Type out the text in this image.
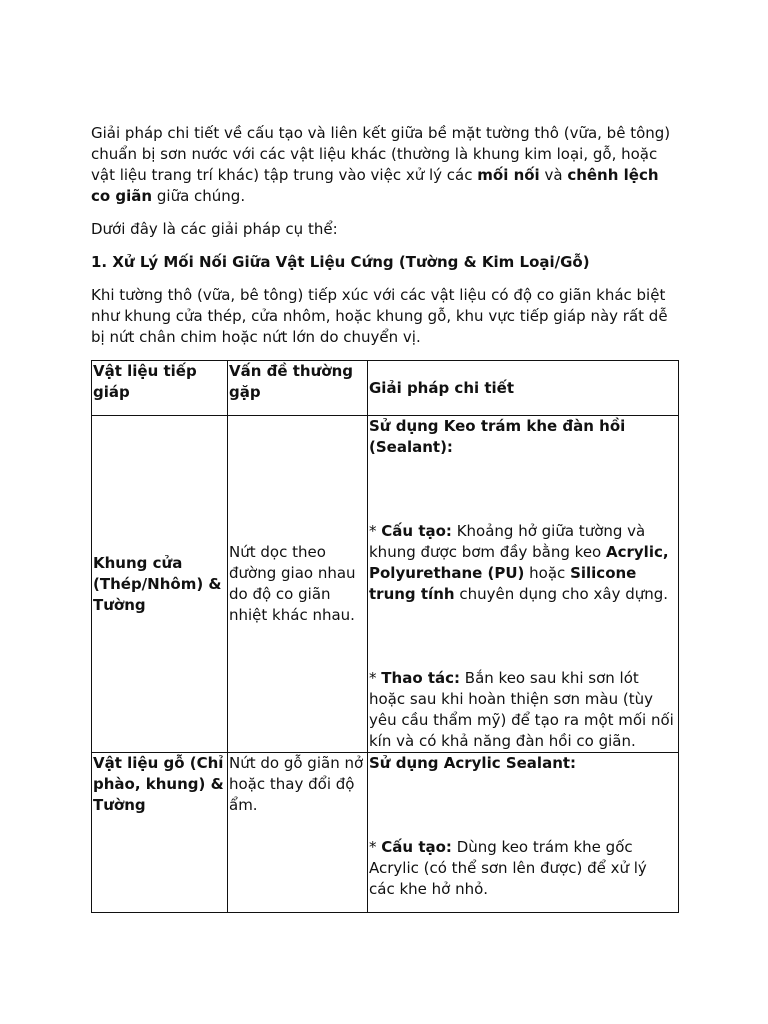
Giải pháp chi tiết về cấu tạo và liên kết giữa bề mặt tường thô (vữa, bê tông) chuẩn bị sơn nước với các vật liệu khác (thường là khung kim loại, gỗ, hoặc vật liệu trang trí khác) tập trung vào việc xử lý các mối nối và chênh lệch co giãn giữa chúng.

Dưới đây là các giải pháp cụ thể:

1. Xử Lý Mối Nối Giữa Vật Liệu Cứng (Tường & Kim Loại/Gỗ)

Khi tường thô (vữa, bê tông) tiếp xúc với các vật liệu có độ co giãn khác biệt như khung cửa thép, cửa nhôm, hoặc khung gỗ, khu vực tiếp giáp này rất dễ bị nứt chân chim hoặc nứt lớn do chuyển vị.

Vật liệu tiếp giáp	Vấn đề thường gặp	Giải pháp chi tiết
Khung cửa (Thép/Nhôm) & Tường	Nứt dọc theo đường giao nhau do độ co giãn nhiệt khác nhau.	Sử dụng Keo trám khe đàn hồi (Sealant):

* Cấu tạo: Khoảng hở giữa tường và khung được bơm đầy bằng keo Acrylic, Polyurethane (PU) hoặc Silicone trung tính chuyên dụng cho xây dựng.

* Thao tác: Bắn keo sau khi sơn lót hoặc sau khi hoàn thiện sơn màu (tùy yêu cầu thẩm mỹ) để tạo ra một mối nối kín và có khả năng đàn hồi co giãn.

Vật liệu gỗ (Chỉ phào, khung) & Tường	Nứt do gỗ giãn nở hoặc thay đổi độ ẩm.	Sử dụng Acrylic Sealant:

* Cấu tạo: Dùng keo trám khe gốc Acrylic (có thể sơn lên được) để xử lý các khe hở nhỏ.
